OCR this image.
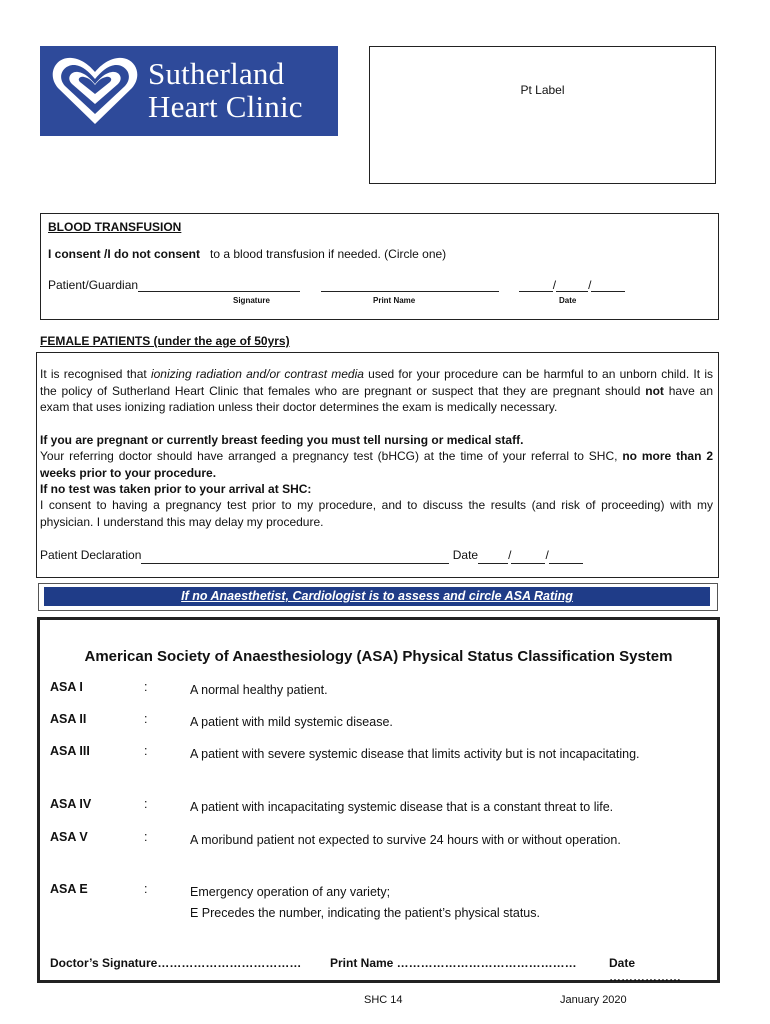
Sutherland
Heart Clinic	Pt Label
BLOOD TRANSFUSION
I consent /I do not consent to a blood transfusion if needed. (Circle one)
Patient/Guardian	/	/
Signature	Print Name	Date
FEMALE PATIENTS (under the age of 50yrs)

It is recognised that ionizing radiation and/or contrast media used for your procedure can be harmful to an unborn child. It is the policy of Sutherland Heart Clinic that females who are pregnant or suspect that they are pregnant should not have an exam that uses ionizing radiation unless their doctor determines the exam is medically necessary.

If you are pregnant or currently breast feeding you must tell nursing or medical staff.

Your referring doctor should have arranged a pregnancy test (bHCG) at the time of your referral to SHC, no more than 2 weeks prior to your procedure.

If no test was taken prior to your arrival at SHC:

I consent to having a pregnancy test prior to my procedure, and to discuss the results (and risk of proceeding) with my physician. I understand this may delay my procedure.

Patient Declaration	Date	/	/

If no Anaesthetist, Cardiologist is to assess and circle ASA Rating
American Society of Anaesthesiology (ASA) Physical Status Classification System
ASA I	:	A normal healthy patient.
ASA II	:	A patient with mild systemic disease.
ASA III	:	A patient with severe systemic disease that limits activity but is not incapacitating.
ASA IV	:	A patient with incapacitating systemic disease that is a constant threat to life.
ASA V	:	A moribund patient not expected to survive 24 hours with or without operation.
ASA E	:	Emergency operation of any variety;
E Precedes the number, indicating the patient’s physical status.
Doctor’s Signature……………………………… Print Name ………………………………………	Date ………………
SHC 14	January 2020
